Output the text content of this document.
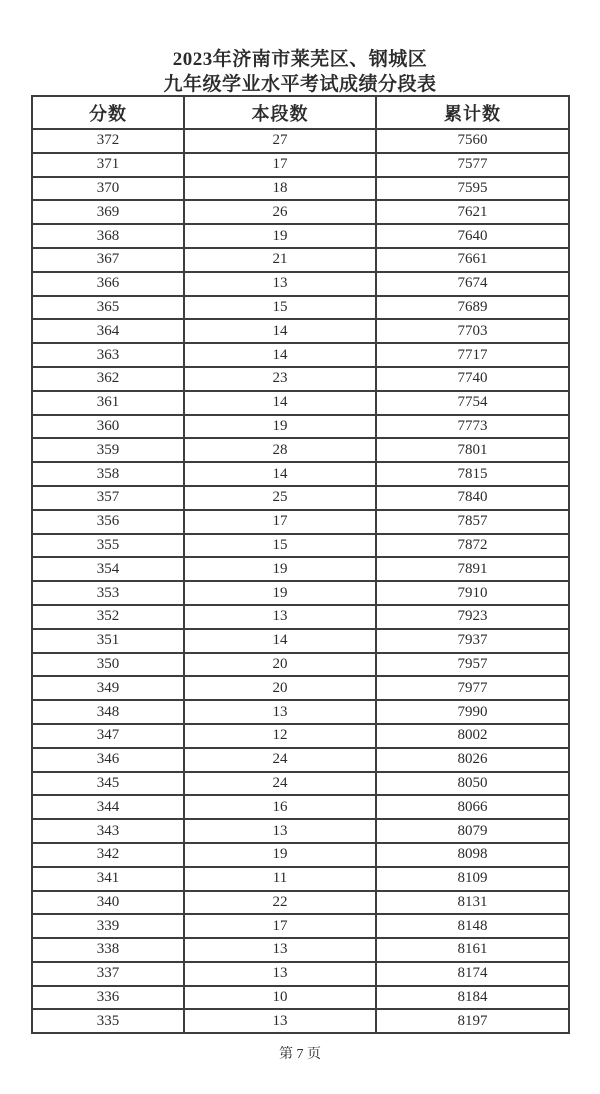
2023年济南市莱芜区、钢城区
九年级学业水平考试成绩分段表
分数	本段数	累计数
372	27	7560
371	17	7577
370	18	7595
369	26	7621
368	19	7640
367	21	7661
366	13	7674
365	15	7689
364	14	7703
363	14	7717
362	23	7740
361	14	7754
360	19	7773
359	28	7801
358	14	7815
357	25	7840
356	17	7857
355	15	7872
354	19	7891
353	19	7910
352	13	7923
351	14	7937
350	20	7957
349	20	7977
348	13	7990
347	12	8002
346	24	8026
345	24	8050
344	16	8066
343	13	8079
342	19	8098
341	11	8109
340	22	8131
339	17	8148
338	13	8161
337	13	8174
336	10	8184
335	13	8197
第 7 页
